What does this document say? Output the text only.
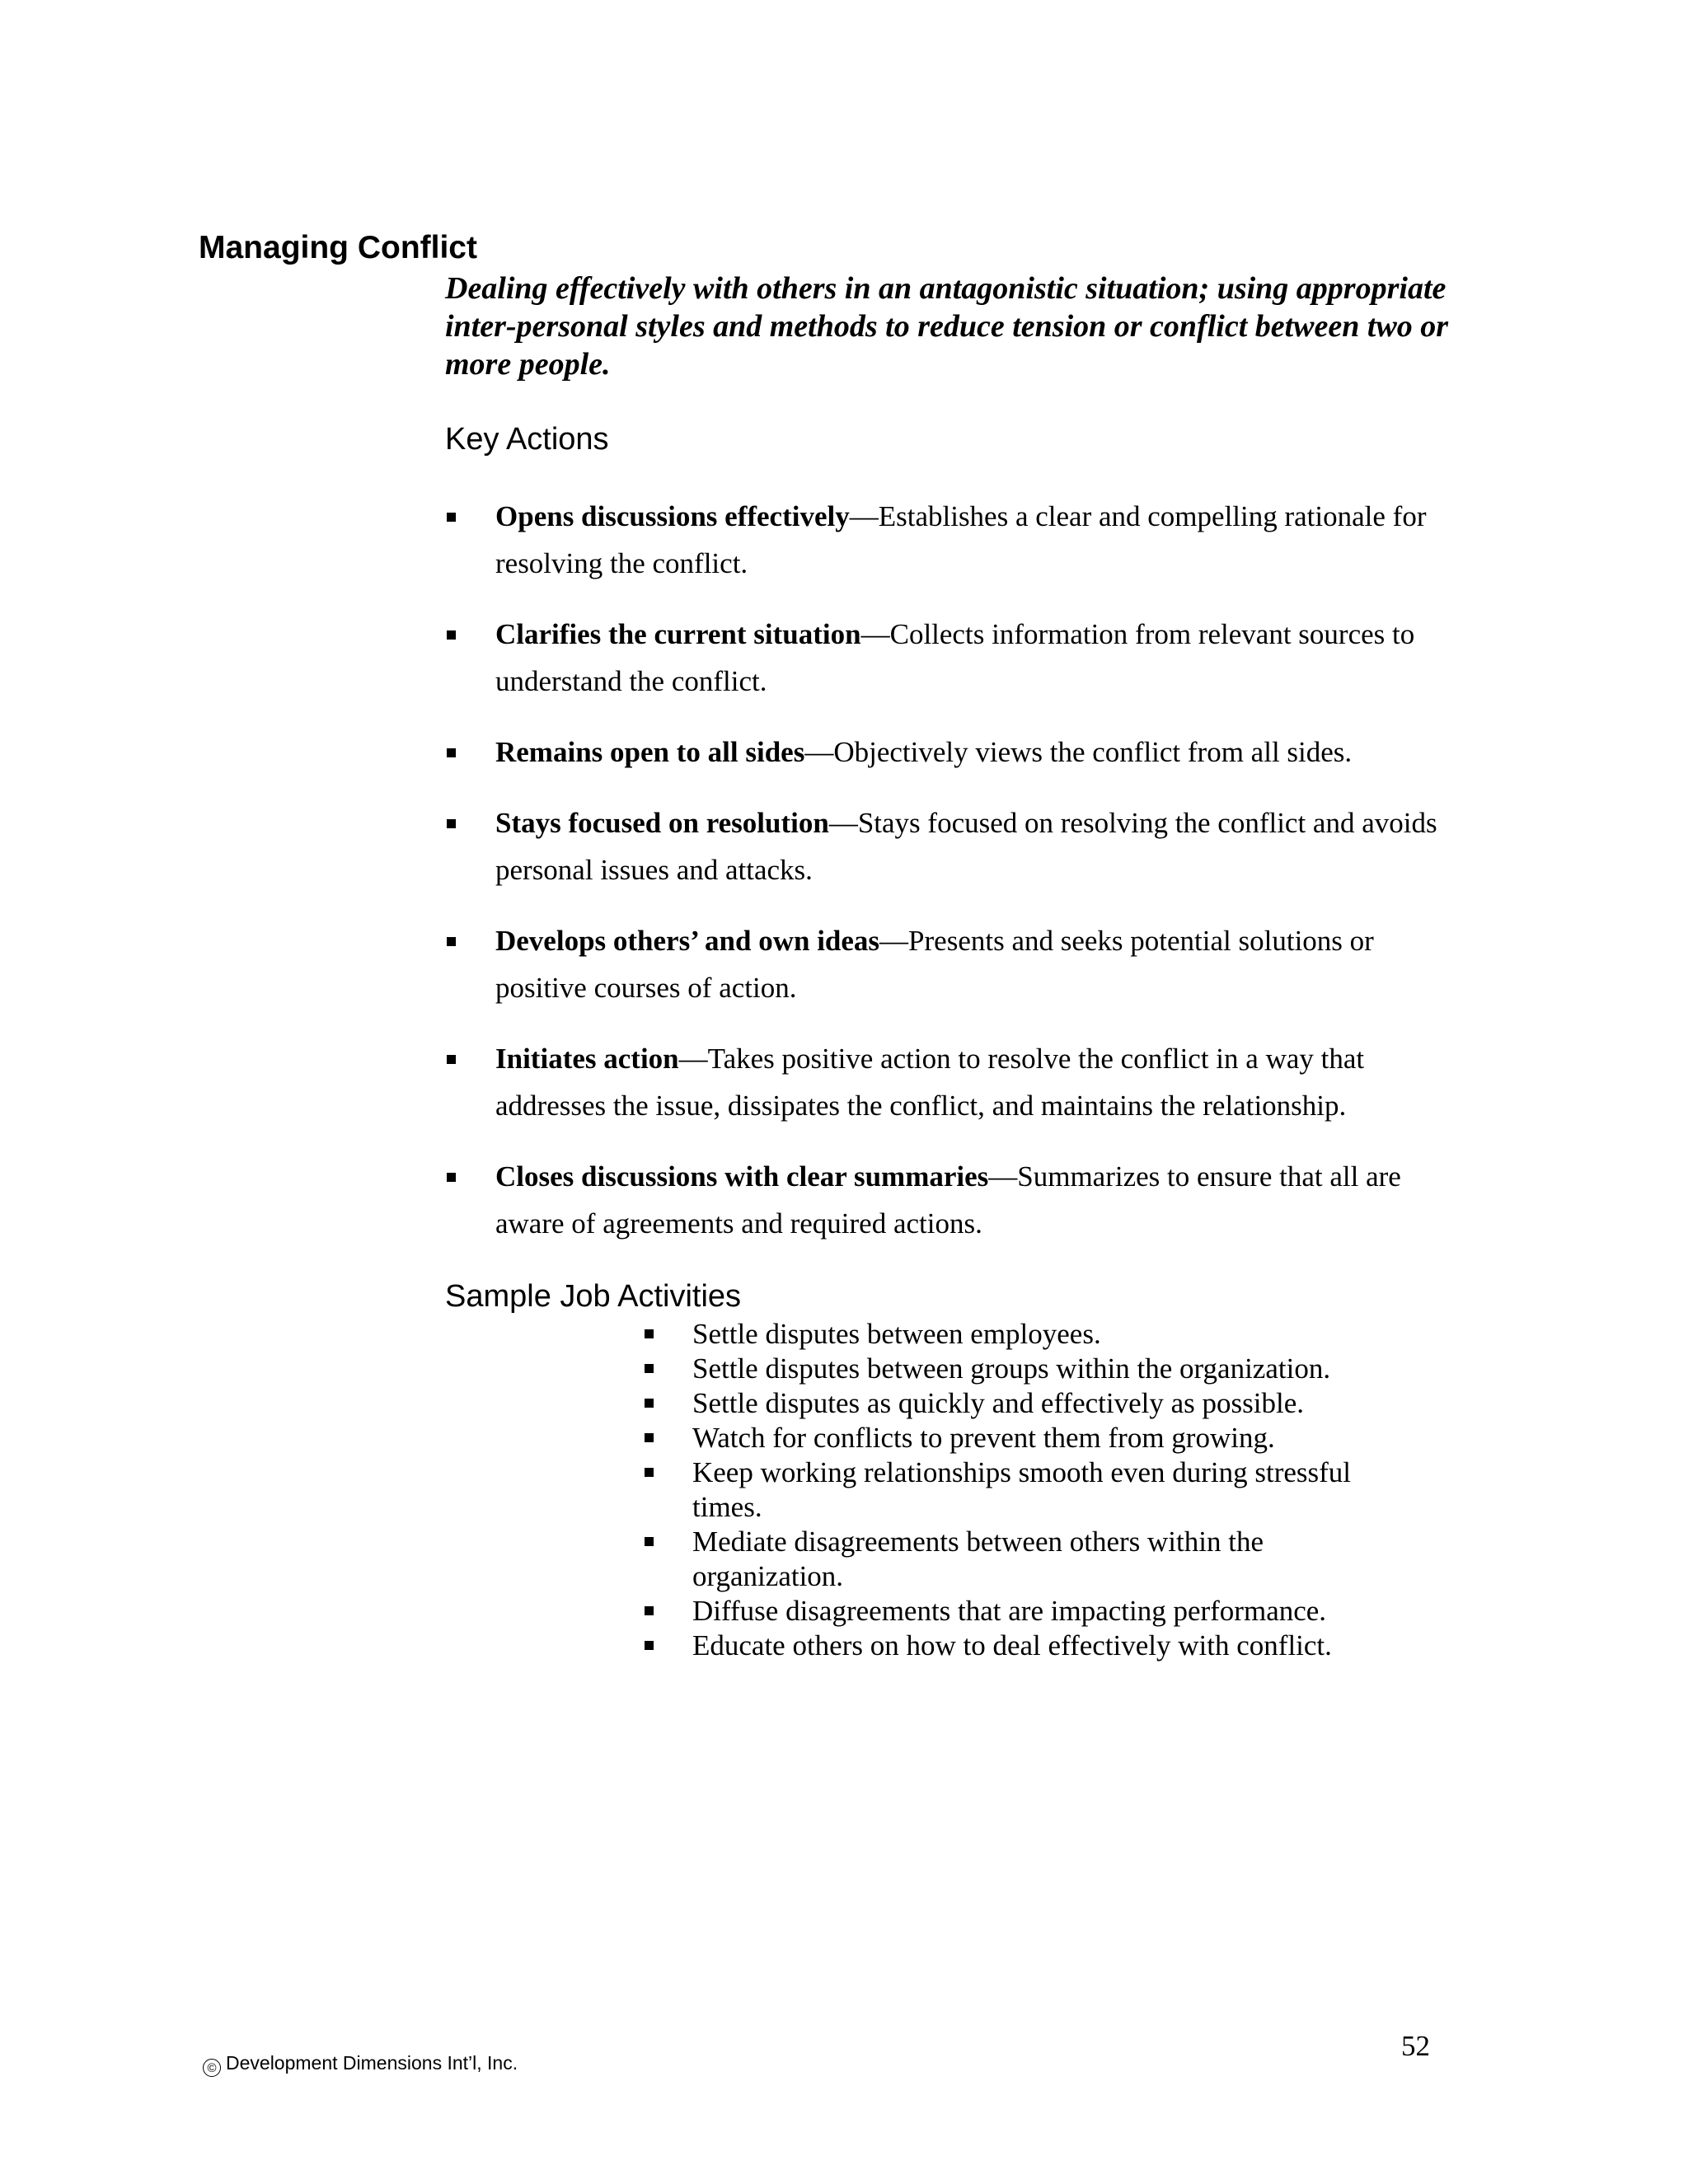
Managing Conflict

Dealing effectively with others in an antagonistic situation; using appropriate inter-personal styles and methods to reduce tension or conflict between two or more people.

Key Actions
Opens discussions effectively—Establishes a clear and compelling rationale for resolving the conflict.
Clarifies the current situation—Collects information from relevant sources to understand the conflict.
Remains open to all sides—Objectively views the conflict from all sides.
Stays focused on resolution—Stays focused on resolving the conflict and avoids personal issues and attacks.
Develops others’ and own ideas—Presents and seeks potential solutions or positive courses of action.
Initiates action—Takes positive action to resolve the conflict in a way that addresses the issue, dissipates the conflict, and maintains the relationship.
Closes discussions with clear summaries—Summarizes to ensure that all are aware of agreements and required actions.
Sample Job Activities
Settle disputes between employees.
Settle disputes between groups within the organization.
Settle disputes as quickly and effectively as possible.
Watch for conflicts to prevent them from growing.
Keep working relationships smooth even during stressful times.
Mediate disagreements between others within the organization.
Diffuse disagreements that are impacting performance.
Educate others on how to deal effectively with conflict.
© Development Dimensions Int’l, Inc.
52
